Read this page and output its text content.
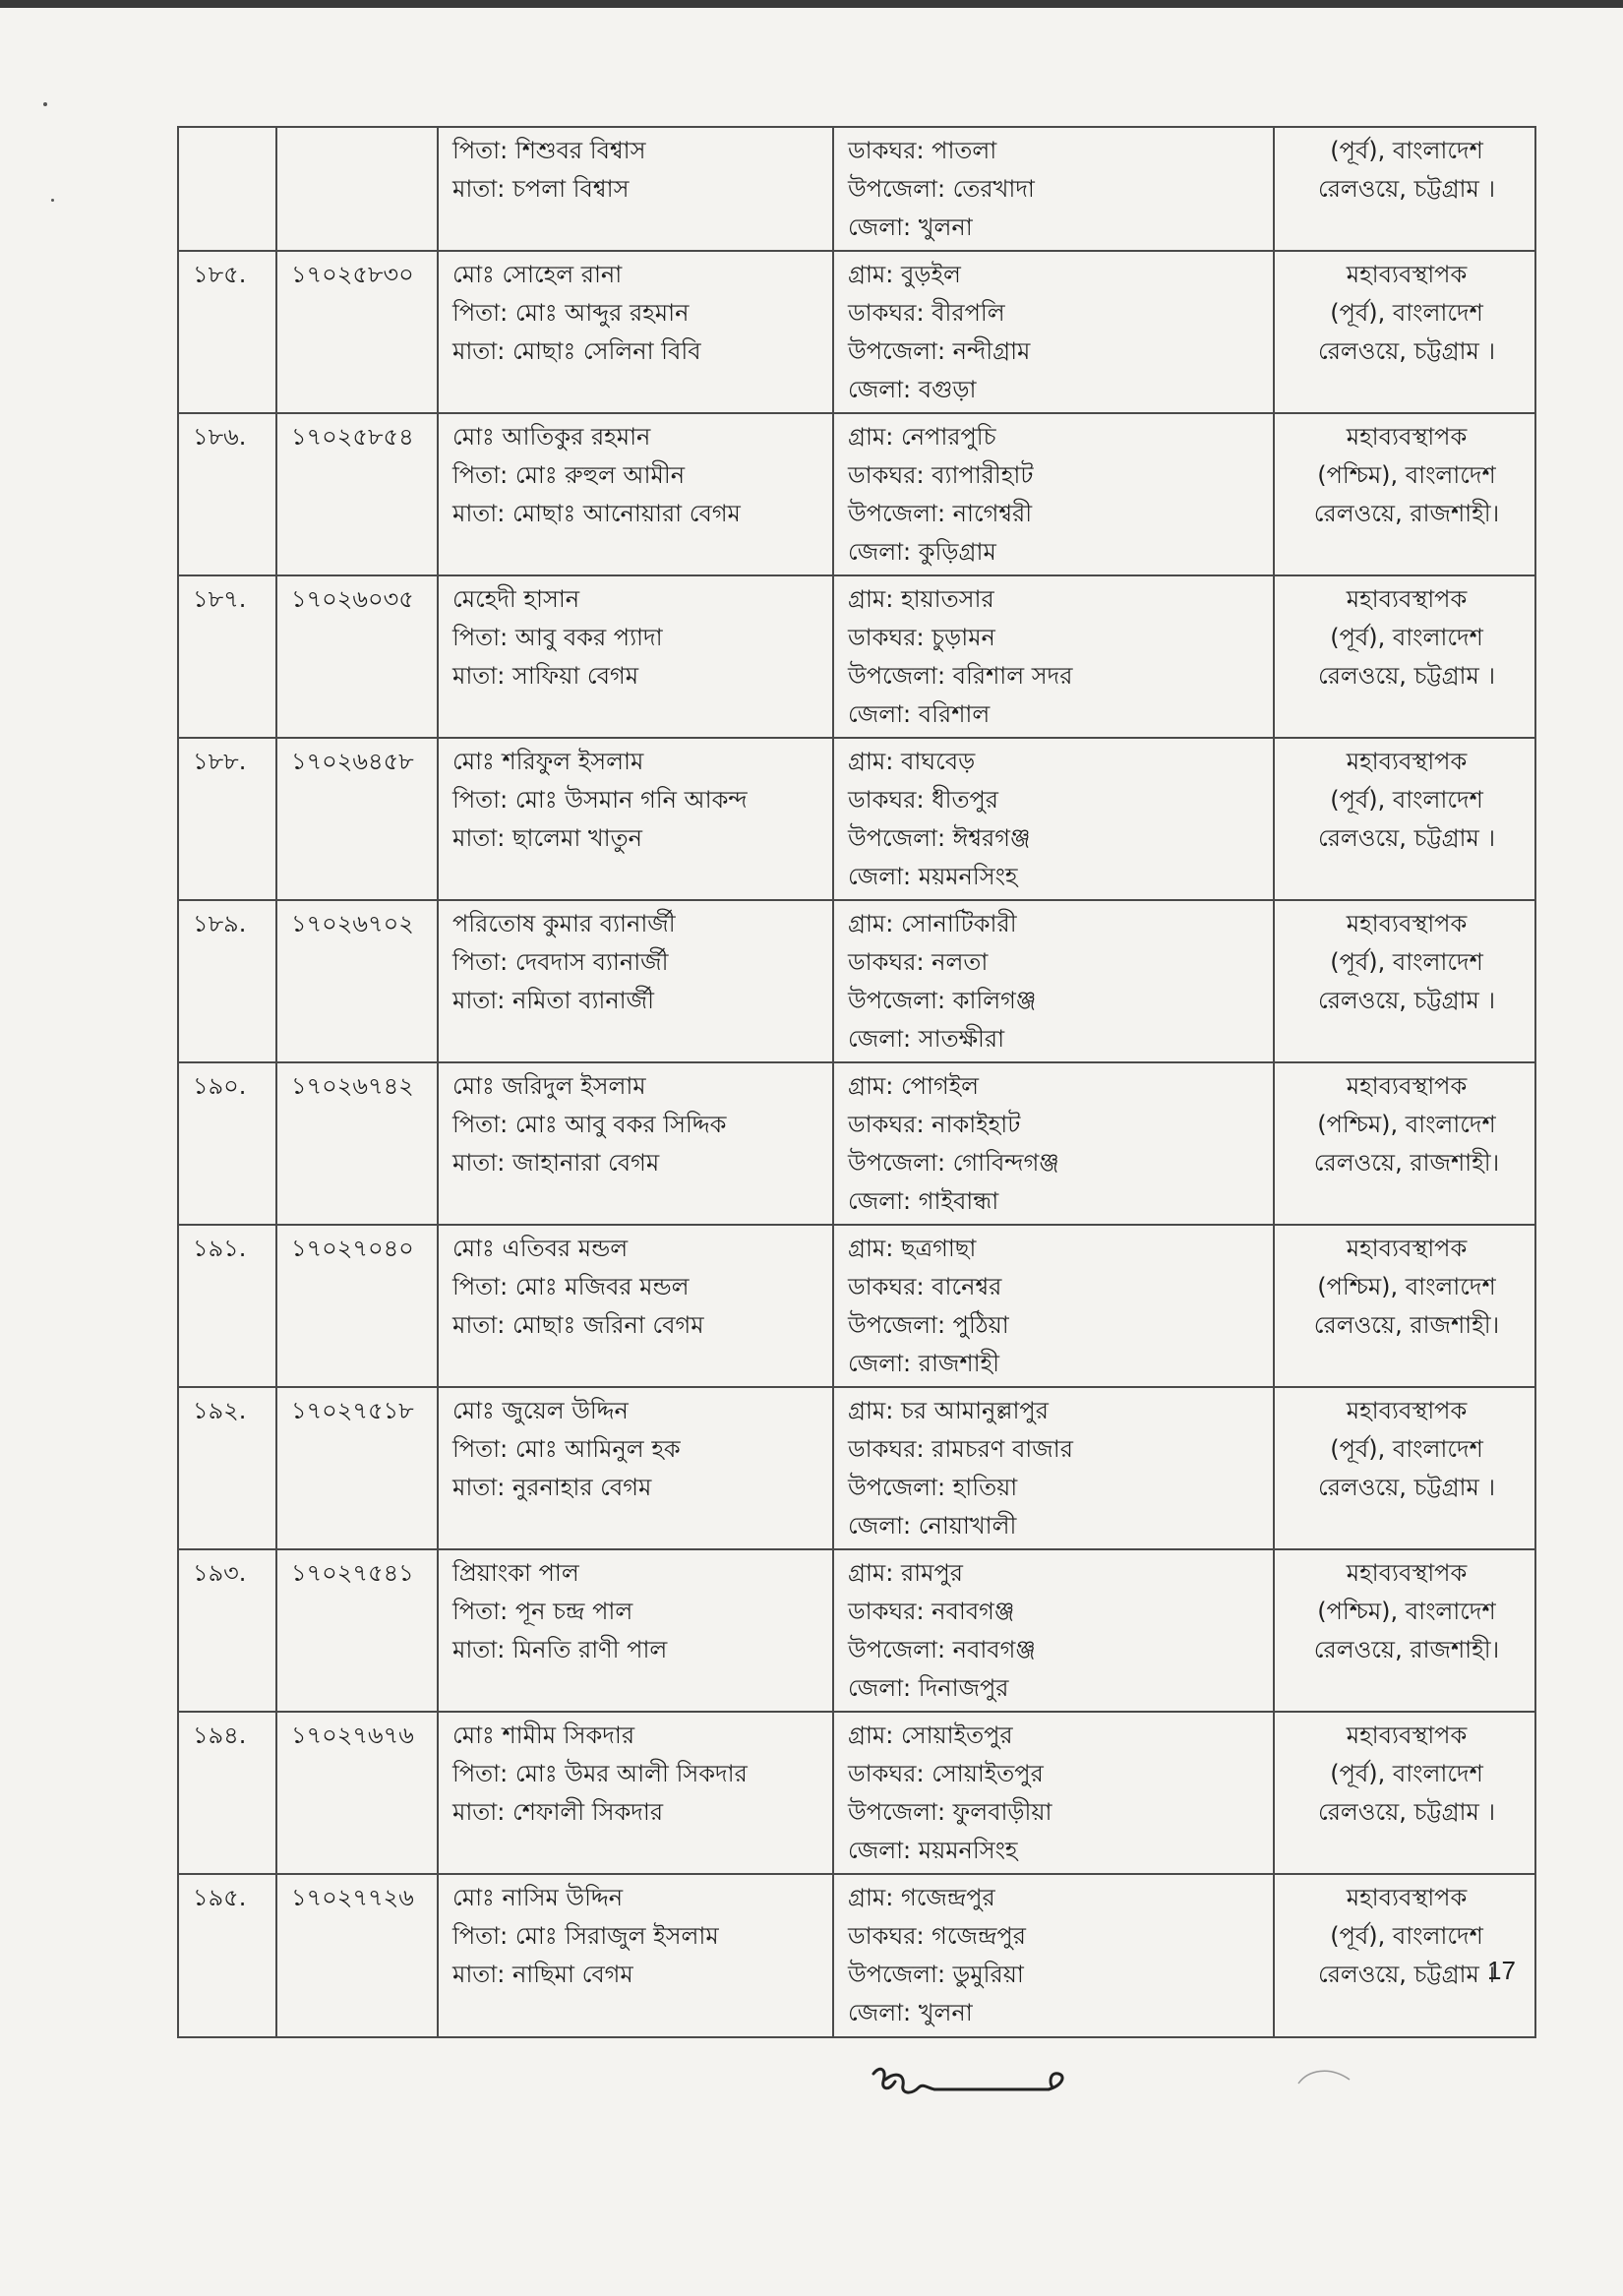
		পিতা: শিশুবর বিশ্বাস
মাতা: চপলা বিশ্বাস	ডাকঘর: পাতলা
উপজেলা: তেরখাদা
জেলা: খুলনা	(পূর্ব), বাংলাদেশ
রেলওয়ে, চট্টগ্রাম ।

১৮৫.	১৭০২৫৮৩০	মোঃ সোহেল রানা
পিতা: মোঃ আব্দুর রহমান
মাতা: মোছাঃ সেলিনা বিবি	গ্রাম: বুড়ইল
ডাকঘর: বীরপলি
উপজেলা: নন্দীগ্রাম
জেলা: বগুড়া	মহাব্যবস্থাপক
(পূর্ব), বাংলাদেশ
রেলওয়ে, চট্টগ্রাম ।

১৮৬.	১৭০২৫৮৫৪	মোঃ আতিকুর রহমান
পিতা: মোঃ রুহুল আমীন
মাতা: মোছাঃ আনোয়ারা বেগম	গ্রাম: নেপারপুচি
ডাকঘর: ব্যাপারীহাট
উপজেলা: নাগেশ্বরী
জেলা: কুড়িগ্রাম	মহাব্যবস্থাপক
(পশ্চিম), বাংলাদেশ
রেলওয়ে, রাজশাহী।

১৮৭.	১৭০২৬০৩৫	মেহেদী হাসান
পিতা: আবু বকর প্যাদা
মাতা: সাফিয়া বেগম	গ্রাম: হায়াতসার
ডাকঘর: চুড়ামন
উপজেলা: বরিশাল সদর
জেলা: বরিশাল	মহাব্যবস্থাপক
(পূর্ব), বাংলাদেশ
রেলওয়ে, চট্টগ্রাম ।

১৮৮.	১৭০২৬৪৫৮	মোঃ শরিফুল ইসলাম
পিতা: মোঃ উসমান গনি আকন্দ
মাতা: ছালেমা খাতুন	গ্রাম: বাঘবেড়
ডাকঘর: ধীতপুর
উপজেলা: ঈশ্বরগঞ্জ
জেলা: ময়মনসিংহ	মহাব্যবস্থাপক
(পূর্ব), বাংলাদেশ
রেলওয়ে, চট্টগ্রাম ।

১৮৯.	১৭০২৬৭০২	পরিতোষ কুমার ব্যানার্জী
পিতা: দেবদাস ব্যানার্জী
মাতা: নমিতা ব্যানার্জী	গ্রাম: সোনাটিকারী
ডাকঘর: নলতা
উপজেলা: কালিগঞ্জ
জেলা: সাতক্ষীরা	মহাব্যবস্থাপক
(পূর্ব), বাংলাদেশ
রেলওয়ে, চট্টগ্রাম ।

১৯০.	১৭০২৬৭৪২	মোঃ জরিদুল ইসলাম
পিতা: মোঃ আবু বকর সিদ্দিক
মাতা: জাহানারা বেগম	গ্রাম: পোগইল
ডাকঘর: নাকাইহাট
উপজেলা: গোবিন্দগঞ্জ
জেলা: গাইবান্ধা	মহাব্যবস্থাপক
(পশ্চিম), বাংলাদেশ
রেলওয়ে, রাজশাহী।

১৯১.	১৭০২৭০৪০	মোঃ এতিবর মন্ডল
পিতা: মোঃ মজিবর মন্ডল
মাতা: মোছাঃ জরিনা বেগম	গ্রাম: ছত্রগাছা
ডাকঘর: বানেশ্বর
উপজেলা: পুঠিয়া
জেলা: রাজশাহী	মহাব্যবস্থাপক
(পশ্চিম), বাংলাদেশ
রেলওয়ে, রাজশাহী।

১৯২.	১৭০২৭৫১৮	মোঃ জুয়েল উদ্দিন
পিতা: মোঃ আমিনুল হক
মাতা: নুরনাহার বেগম	গ্রাম: চর আমানুল্লাপুর
ডাকঘর: রামচরণ বাজার
উপজেলা: হাতিয়া
জেলা: নোয়াখালী	মহাব্যবস্থাপক
(পূর্ব), বাংলাদেশ
রেলওয়ে, চট্টগ্রাম ।

১৯৩.	১৭০২৭৫৪১	প্রিয়াংকা পাল
পিতা: পূন চন্দ্র পাল
মাতা: মিনতি রাণী পাল	গ্রাম: রামপুর
ডাকঘর: নবাবগঞ্জ
উপজেলা: নবাবগঞ্জ
জেলা: দিনাজপুর	মহাব্যবস্থাপক
(পশ্চিম), বাংলাদেশ
রেলওয়ে, রাজশাহী।

১৯৪.	১৭০২৭৬৭৬	মোঃ শামীম সিকদার
পিতা: মোঃ উমর আলী সিকদার
মাতা: শেফালী সিকদার	গ্রাম: সোয়াইতপুর
ডাকঘর: সোয়াইতপুর
উপজেলা: ফুলবাড়ীয়া
জেলা: ময়মনসিংহ	মহাব্যবস্থাপক
(পূর্ব), বাংলাদেশ
রেলওয়ে, চট্টগ্রাম ।

১৯৫.	১৭০২৭৭২৬	মোঃ নাসিম উদ্দিন
পিতা: মোঃ সিরাজুল ইসলাম
মাতা: নাছিমা বেগম	গ্রাম: গজেন্দ্রপুর
ডাকঘর: গজেন্দ্রপুর
উপজেলা: ডুমুরিয়া
জেলা: খুলনা	মহাব্যবস্থাপক
(পূর্ব), বাংলাদেশ
রেলওয়ে, চট্টগ্রাম ।
17
